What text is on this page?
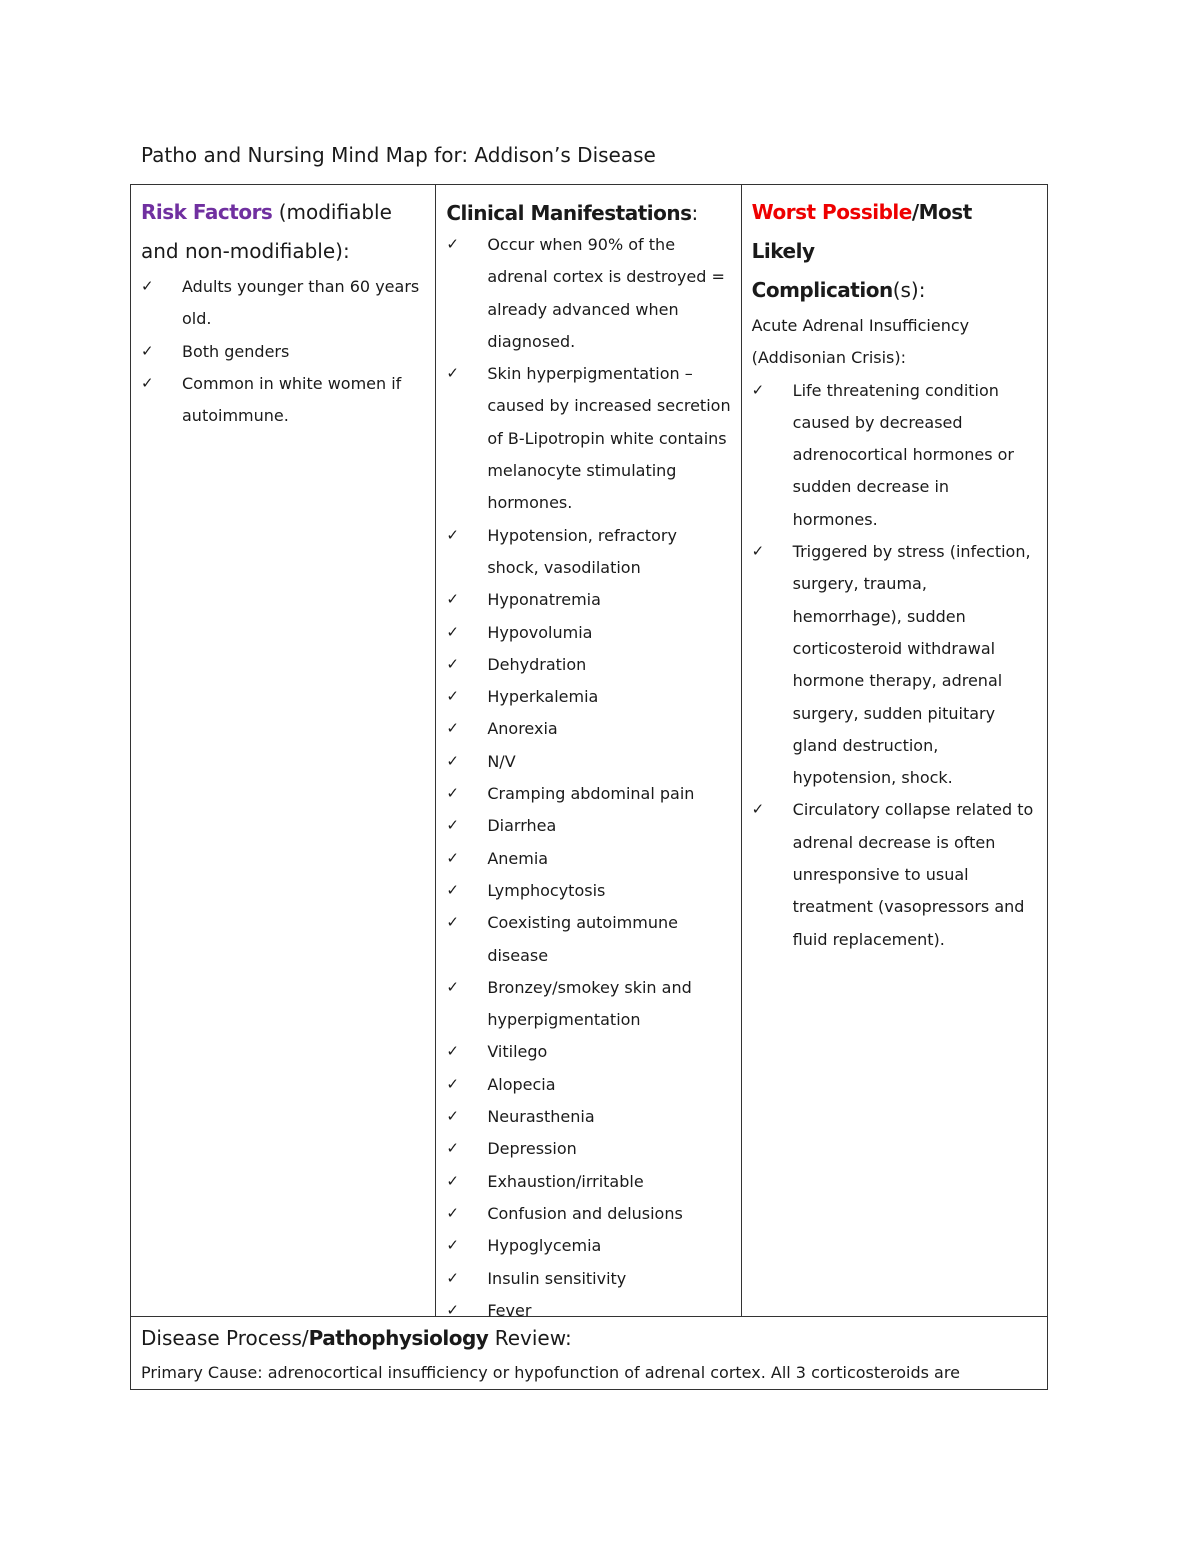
Patho and Nursing Mind Map for: Addison’s Disease
Risk Factors (modifiable
and non-modifiable):
✓ Adults younger than 60 years old.
✓ Both genders
✓ Common in white women if autoimmune.
Clinical Manifestations:
✓ Occur when 90% of the adrenal cortex is destroyed = already advanced when diagnosed.
✓ Skin hyperpigmentation – caused by increased secretion of B-Lipotropin white contains melanocyte stimulating hormones.
✓ Hypotension, refractory shock, vasodilation
✓ Hyponatremia
✓ Hypovolumia
✓ Dehydration
✓ Hyperkalemia
✓ Anorexia
✓ N/V
✓ Cramping abdominal pain
✓ Diarrhea
✓ Anemia
✓ Lymphocytosis
✓ Coexisting autoimmune disease
✓ Bronzey/smokey skin and hyperpigmentation
✓ Vitilego
✓ Alopecia
✓ Neurasthenia
✓ Depression
✓ Exhaustion/irritable
✓ Confusion and delusions
✓ Hypoglycemia
✓ Insulin sensitivity
✓ Fever
Worst Possible/Most Likely
Complication(s):

Acute Adrenal Insufficiency (Addisonian Crisis):

✓ Life threatening condition caused by decreased adrenocortical hormones or sudden decrease in hormones.
✓ Triggered by stress (infection, surgery, trauma, hemorrhage), sudden corticosteroid withdrawal hormone therapy, adrenal surgery, sudden pituitary gland destruction, hypotension, shock.
✓ Circulatory collapse related to adrenal decrease is often unresponsive to usual treatment (vasopressors and fluid replacement).
Disease Process/Pathophysiology Review:

Primary Cause: adrenocortical insufficiency or hypofunction of adrenal cortex. All 3 corticosteroids are
